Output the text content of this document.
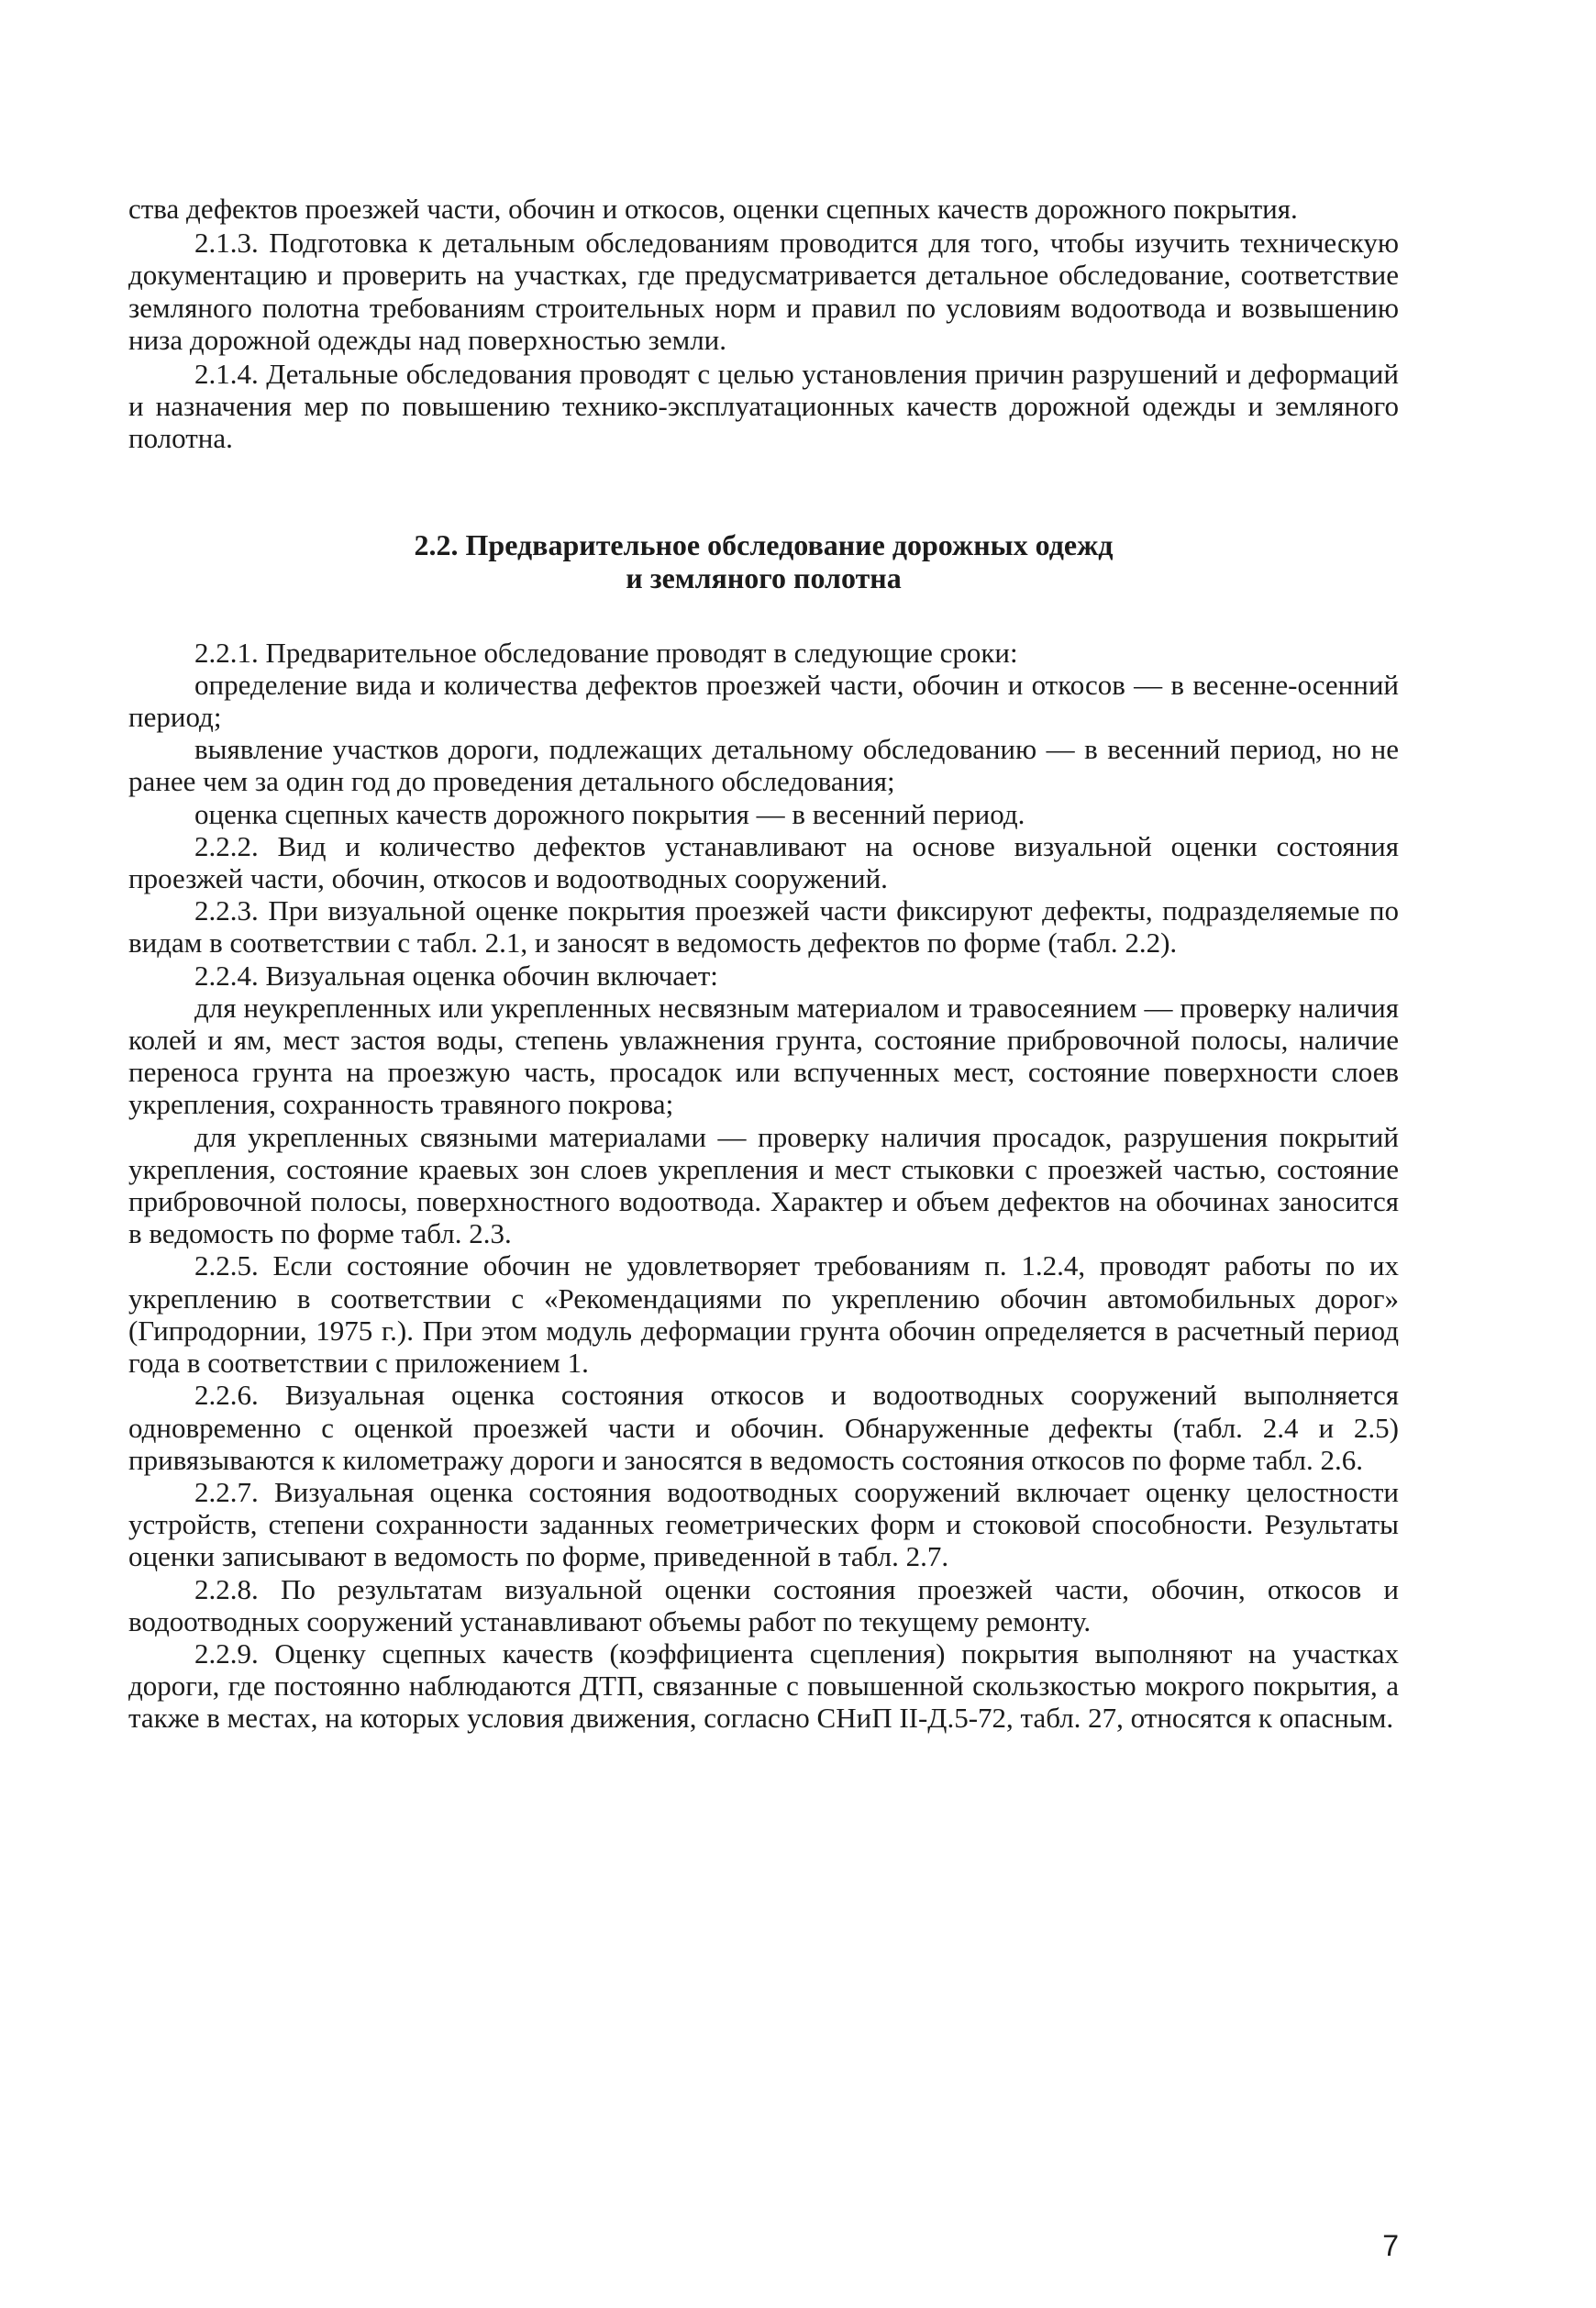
ства дефектов проезжей части, обочин и откосов, оценки сцепных качеств дорожного покрытия.

2.1.3. Подготовка к детальным обследованиям проводится для того, чтобы изучить техническую документацию и проверить на участках, где предусматривается детальное обследование, соответствие земляного полотна требованиям строительных норм и правил по условиям водоотвода и возвышению низа дорожной одежды над поверхностью земли.

2.1.4. Детальные обследования проводят с целью установления причин разрушений и деформаций и назначения мер по повышению технико-эксплуатационных качеств дорожной одежды и земляного полотна.

2.2. Предварительное обследование дорожных одежд
и земляного полотна

2.2.1. Предварительное обследование проводят в следующие сроки:

определение вида и количества дефектов проезжей части, обочин и откосов — в весенне-осенний период;

выявление участков дороги, подлежащих детальному обследованию — в весенний период, но не ранее чем за один год до проведения детального обследования;

оценка сцепных качеств дорожного покрытия — в весенний период.

2.2.2. Вид и количество дефектов устанавливают на основе визуальной оценки состояния проезжей части, обочин, откосов и водоотводных сооружений.

2.2.3. При визуальной оценке покрытия проезжей части фиксируют дефекты, подразделяемые по видам в соответствии с табл. 2.1, и заносят в ведомость дефектов по форме (табл. 2.2).

2.2.4. Визуальная оценка обочин включает:

для неукрепленных или укрепленных несвязным материалом и травосеянием — проверку наличия колей и ям, мест застоя воды, степень увлажнения грунта, состояние прибровочной полосы, наличие переноса грунта на проезжую часть, просадок или вспученных мест, состояние поверхности слоев укрепления, сохранность травяного покрова;

для укрепленных связными материалами — проверку наличия просадок, разрушения покрытий укрепления, состояние краевых зон слоев укрепления и мест стыковки с проезжей частью, состояние прибровочной полосы, поверхностного водоотвода. Характер и объем дефектов на обочинах заносится в ведомость по форме табл. 2.3.

2.2.5. Если состояние обочин не удовлетворяет требованиям п. 1.2.4, проводят работы по их укреплению в соответствии с «Рекомендациями по укреплению обочин автомобильных дорог» (Гипродорнии, 1975 г.). При этом модуль деформации грунта обочин определяется в расчетный период года в соответствии с приложением 1.

2.2.6. Визуальная оценка состояния откосов и водоотводных сооружений выполняется одновременно с оценкой проезжей части и обочин. Обнаруженные дефекты (табл. 2.4 и 2.5) привязываются к километражу дороги и заносятся в ведомость состояния откосов по форме табл. 2.6.

2.2.7. Визуальная оценка состояния водоотводных сооружений включает оценку целостности устройств, степени сохранности заданных геометрических форм и стоковой способности. Результаты оценки записывают в ведомость по форме, приведенной в табл. 2.7.

2.2.8. По результатам визуальной оценки состояния проезжей части, обочин, откосов и водоотводных сооружений устанавливают объемы работ по текущему ремонту.

2.2.9. Оценку сцепных качеств (коэффициента сцепления) покрытия выполняют на участках дороги, где постоянно наблюдаются ДТП, связанные с повышенной скользкостью мокрого покрытия, а также в местах, на которых условия движения, согласно СНиП II-Д.5-72, табл. 27, относятся к опасным.

7
